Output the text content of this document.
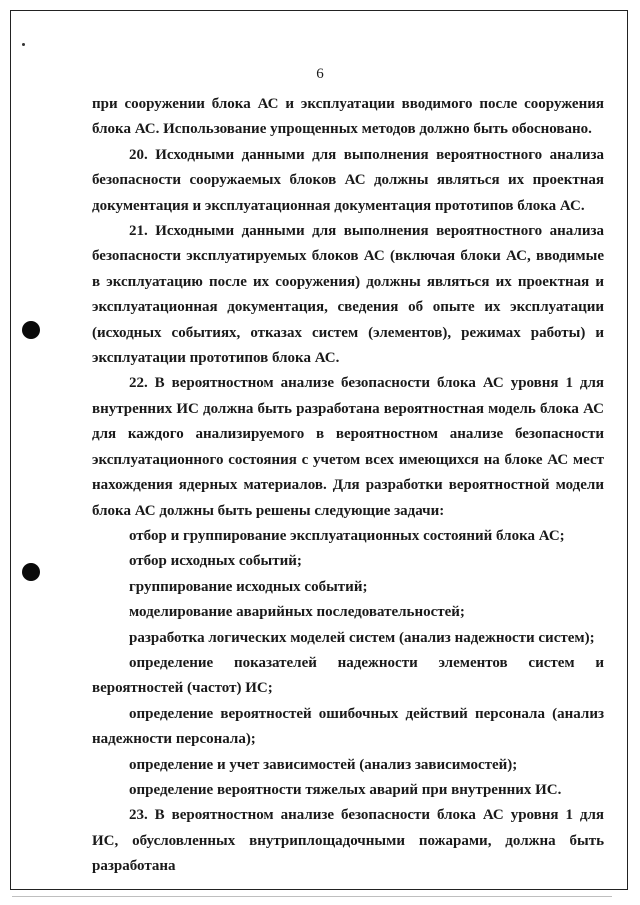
6

при сооружении блока АС и эксплуатации вводимого после сооружения блока АС. Использование упрощенных методов должно быть обосновано.

20. Исходными данными для выполнения вероятностного анализа безопасности сооружаемых блоков АС должны являться их проектная документация и эксплуатационная документация прототипов блока АС.

21. Исходными данными для выполнения вероятностного анализа безопасности эксплуатируемых блоков АС (включая блоки АС, вводимые в эксплуатацию после их сооружения) должны являться их проектная и эксплуатационная документация, сведения об опыте их эксплуатации (исходных событиях, отказах систем (элементов), режимах работы) и эксплуатации прототипов блока АС.

22. В вероятностном анализе безопасности блока АС уровня 1 для внутренних ИС должна быть разработана вероятностная модель блока АС для каждого анализируемого в вероятностном анализе безопасности эксплуатационного состояния с учетом всех имеющихся на блоке АС мест нахождения ядерных материалов. Для разработки вероятностной модели блока АС должны быть решены следующие задачи:

отбор и группирование эксплуатационных состояний блока АС;

отбор исходных событий;

группирование исходных событий;

моделирование аварийных последовательностей;

разработка логических моделей систем (анализ надежности систем);

определение показателей надежности элементов систем и вероятностей (частот) ИС;

определение вероятностей ошибочных действий персонала (анализ надежности персонала);

определение и учет зависимостей (анализ зависимостей);

определение вероятности тяжелых аварий при внутренних ИС.

23. В вероятностном анализе безопасности блока АС уровня 1 для ИС, обусловленных внутриплощадочными пожарами, должна быть разработана
